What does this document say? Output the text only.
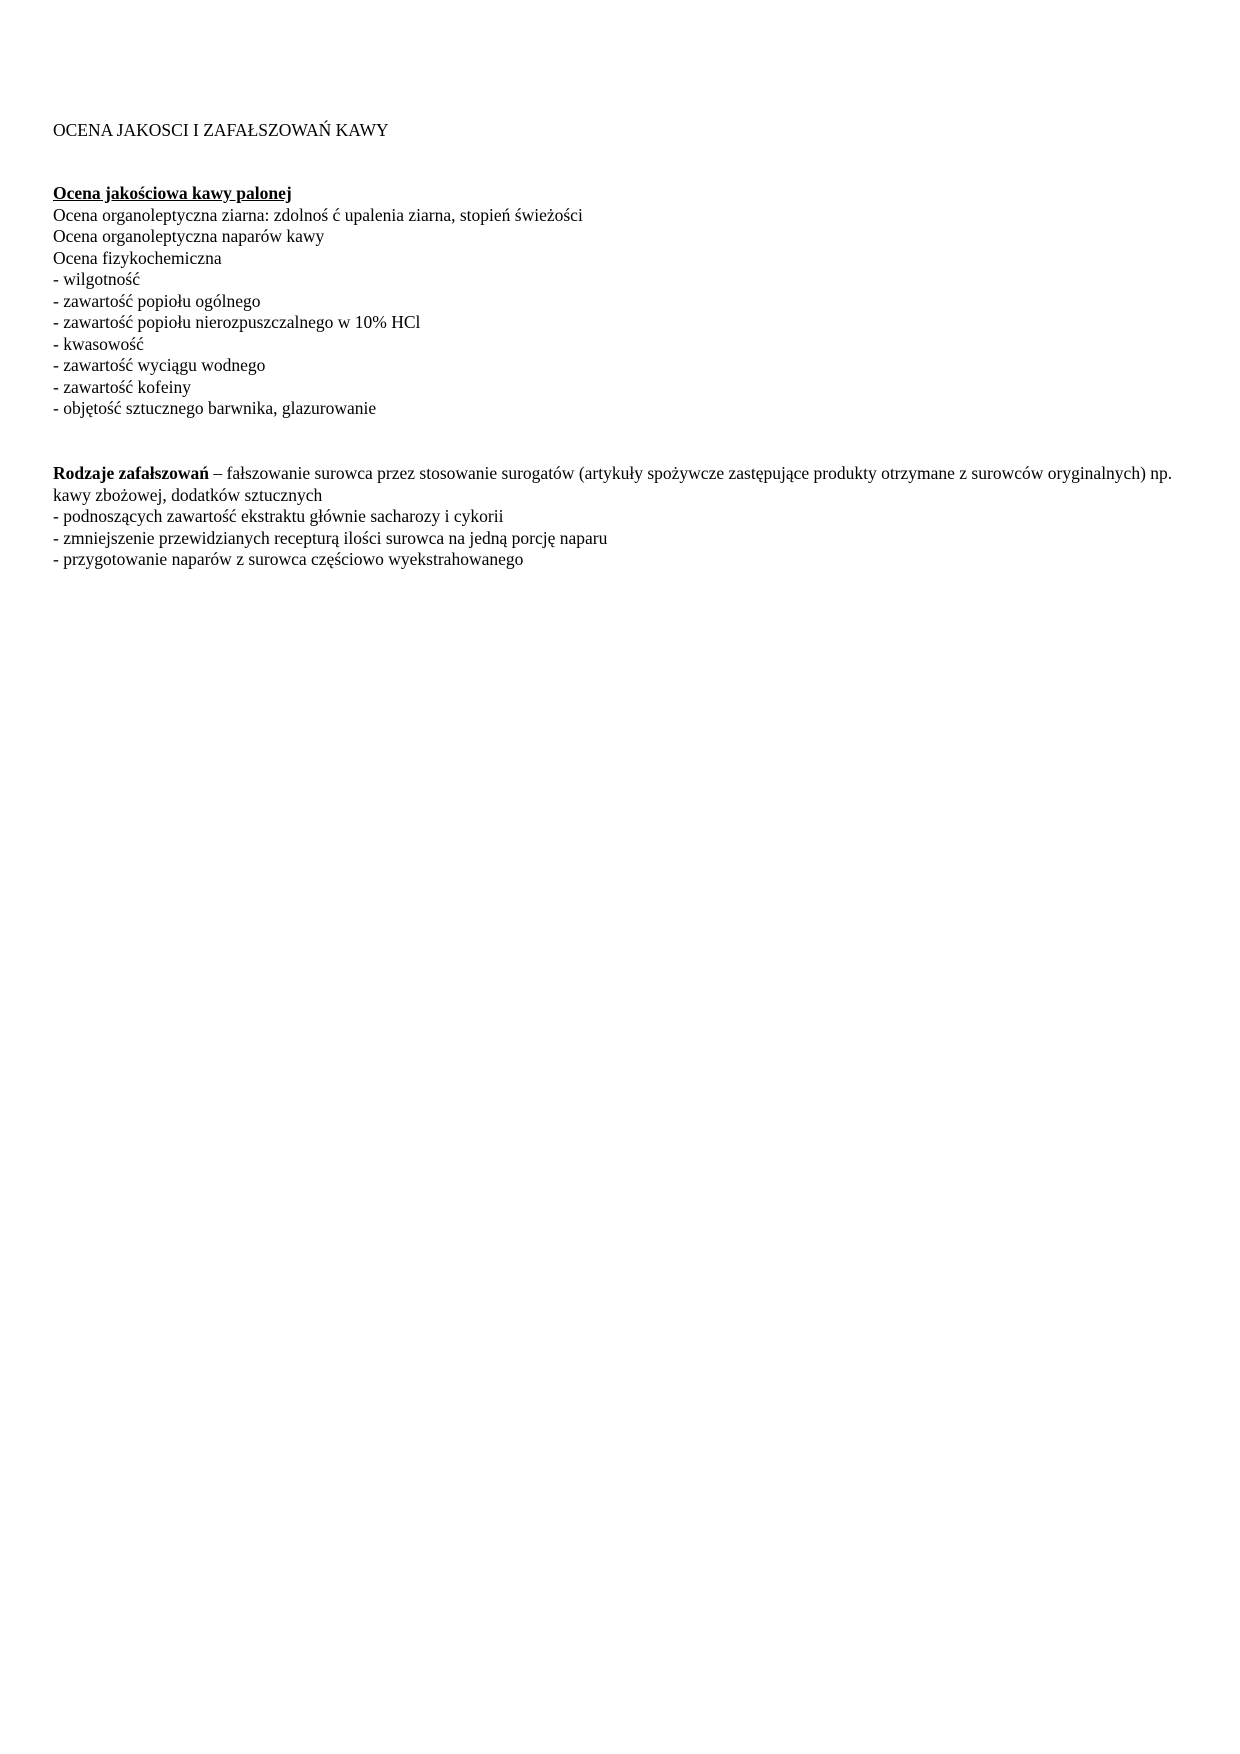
OCENA JAKOSCI I ZAFAŁSZOWAŃ KAWY
Ocena jakościowa kawy palonej
Ocena organoleptyczna ziarna: zdolnoś ć upalenia ziarna, stopień świeżości
Ocena organoleptyczna naparów kawy
Ocena fizykochemiczna
- wilgotność
- zawartość popiołu ogólnego
- zawartość popiołu nierozpuszczalnego w 10% HCl
- kwasowość
- zawartość wyciągu wodnego
- zawartość kofeiny
- objętość sztucznego barwnika, glazurowanie
Rodzaje zafałszowań – fałszowanie surowca przez stosowanie surogatów (artykuły spożywcze zastępujące produkty otrzymane z surowców oryginalnych) np. kawy zbożowej, dodatków sztucznych
- podnoszących zawartość ekstraktu głównie sacharozy i cykorii
- zmniejszenie przewidzianych recepturą ilości surowca na jedną porcję naparu
- przygotowanie naparów z surowca częściowo wyekstrahowanego
